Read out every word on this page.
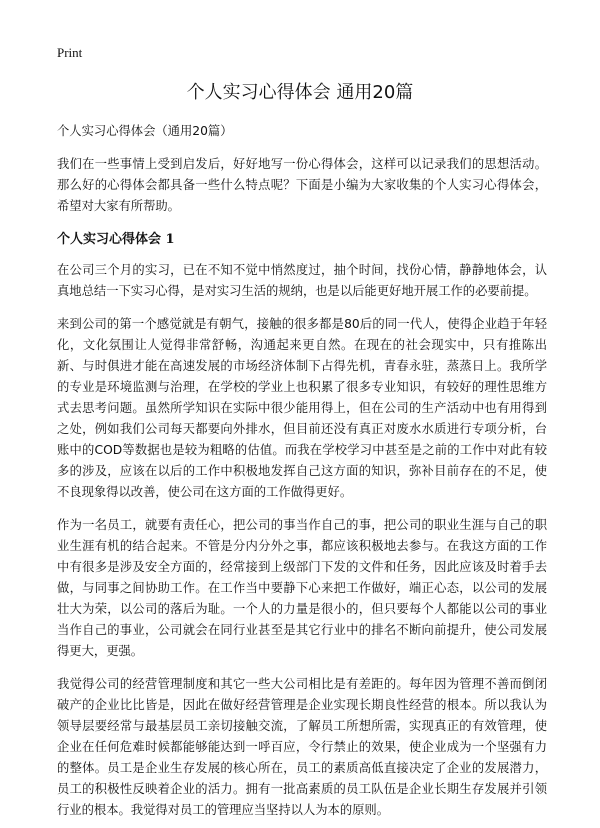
Print
个人实习心得体会 通用20篇

个人实习心得体会（通用20篇）

我们在一些事情上受到启发后，好好地写一份心得体会，这样可以记录我们的思想活动。那么好的心得体会都具备一些什么特点呢？下面是小编为大家收集的个人实习心得体会，希望对大家有所帮助。

个人实习心得体会 1

在公司三个月的实习，已在不知不觉中悄然度过，抽个时间，找份心情，静静地体会，认真地总结一下实习心得，是对实习生活的规纳，也是以后能更好地开展工作的必要前提。

来到公司的第一个感觉就是有朝气，接触的很多都是80后的同一代人，使得企业趋于年轻化，文化氛围让人觉得非常舒畅，沟通起来更自然。在现在的社会现实中，只有推陈出新、与时俱进才能在高速发展的市场经济体制下占得先机，青春永驻，蒸蒸日上。我所学的专业是环境监测与治理，在学校的学业上也积累了很多专业知识，有较好的理性思维方式去思考问题。虽然所学知识在实际中很少能用得上，但在公司的生产活动中也有用得到之处，例如我们公司每天都要向外排水，但目前还没有真正对废水水质进行专项分析，台账中的COD等数据也是较为粗略的估值。而我在学校学习中甚至是之前的工作中对此有较多的涉及，应该在以后的工作中积极地发挥自己这方面的知识，弥补目前存在的不足，使不良现象得以改善，使公司在这方面的工作做得更好。

作为一名员工，就要有责任心，把公司的事当作自己的事，把公司的职业生涯与自己的职业生涯有机的结合起来。不管是分内分外之事，都应该积极地去参与。在我这方面的工作中有很多是涉及安全方面的，经常接到上级部门下发的文件和任务，因此应该及时着手去做，与同事之间协助工作。在工作当中要静下心来把工作做好，端正心态，以公司的发展壮大为荣，以公司的落后为耻。一个人的力量是很小的，但只要每个人都能以公司的事业当作自己的事业，公司就会在同行业甚至是其它行业中的排名不断向前提升，使公司发展得更大，更强。

我觉得公司的经营管理制度和其它一些大公司相比是有差距的。每年因为管理不善而倒闭破产的企业比比皆是，因此在做好经营管理是企业实现长期良性经营的根本。所以我认为领导层要经常与最基层员工亲切接触交流，了解员工所想所需，实现真正的有效管理，使企业在任何危难时候都能够能达到一呼百应，令行禁止的效果，使企业成为一个坚强有力的整体。员工是企业生存发展的核心所在，员工的素质高低直接决定了企业的发展潜力，员工的积极性反映着企业的活力。拥有一批高素质的员工队伍是企业长期生存发展并引领行业的根本。我觉得对员工的管理应当坚持以人为本的原则。
